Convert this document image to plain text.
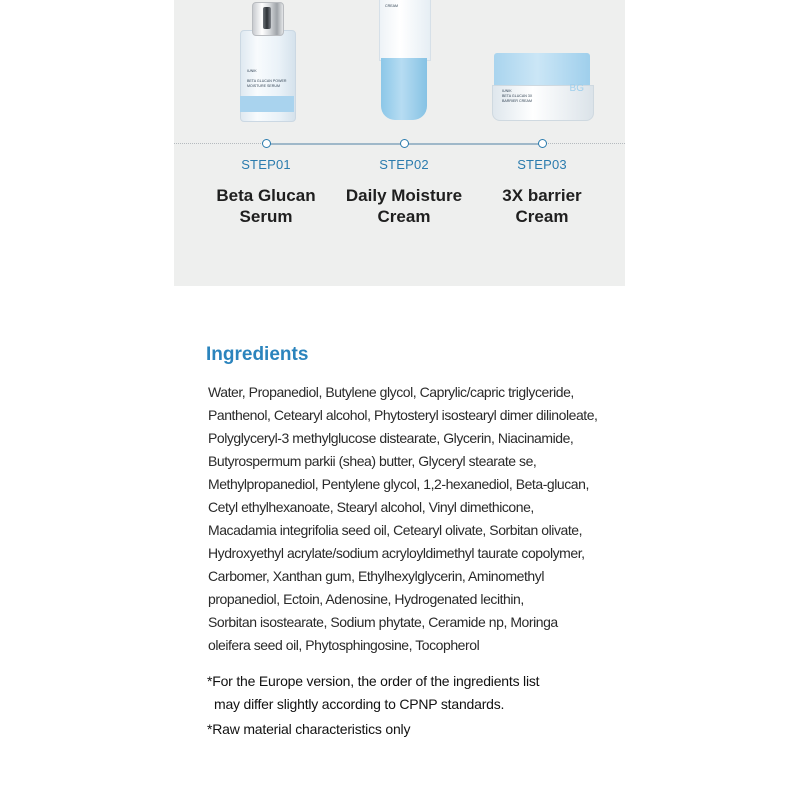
IUNIK

BETA GLUCAN POWER
MOISTURE SERUM
CREAM
IUNIK
BETA GLUCAN 3X
BARRIER CREAM
BG
STEP01	STEP02	STEP03
Beta Glucan
Serum
Daily Moisture
Cream
3X barrier
Cream
Ingredients
Water, Propanediol, Butylene glycol, Caprylic/capric triglyceride,
Panthenol, Cetearyl alcohol, Phytosteryl isostearyl dimer dilinoleate,
Polyglyceryl-3 methylglucose distearate, Glycerin, Niacinamide,
Butyrospermum parkii (shea) butter, Glyceryl stearate se,
Methylpropanediol, Pentylene glycol, 1,2-hexanediol, Beta-glucan,
Cetyl ethylhexanoate, Stearyl alcohol, Vinyl dimethicone,
Macadamia integrifolia seed oil, Cetearyl olivate, Sorbitan olivate,
Hydroxyethyl acrylate/sodium acryloyldimethyl taurate copolymer,
Carbomer, Xanthan gum, Ethylhexylglycerin, Aminomethyl
propanediol, Ectoin, Adenosine, Hydrogenated lecithin,
Sorbitan isostearate, Sodium phytate, Ceramide np, Moringa
oleifera seed oil, Phytosphingosine, Tocopherol
*For the Europe version, the order of the ingredients list
may differ slightly according to CPNP standards.
*Raw material characteristics only
